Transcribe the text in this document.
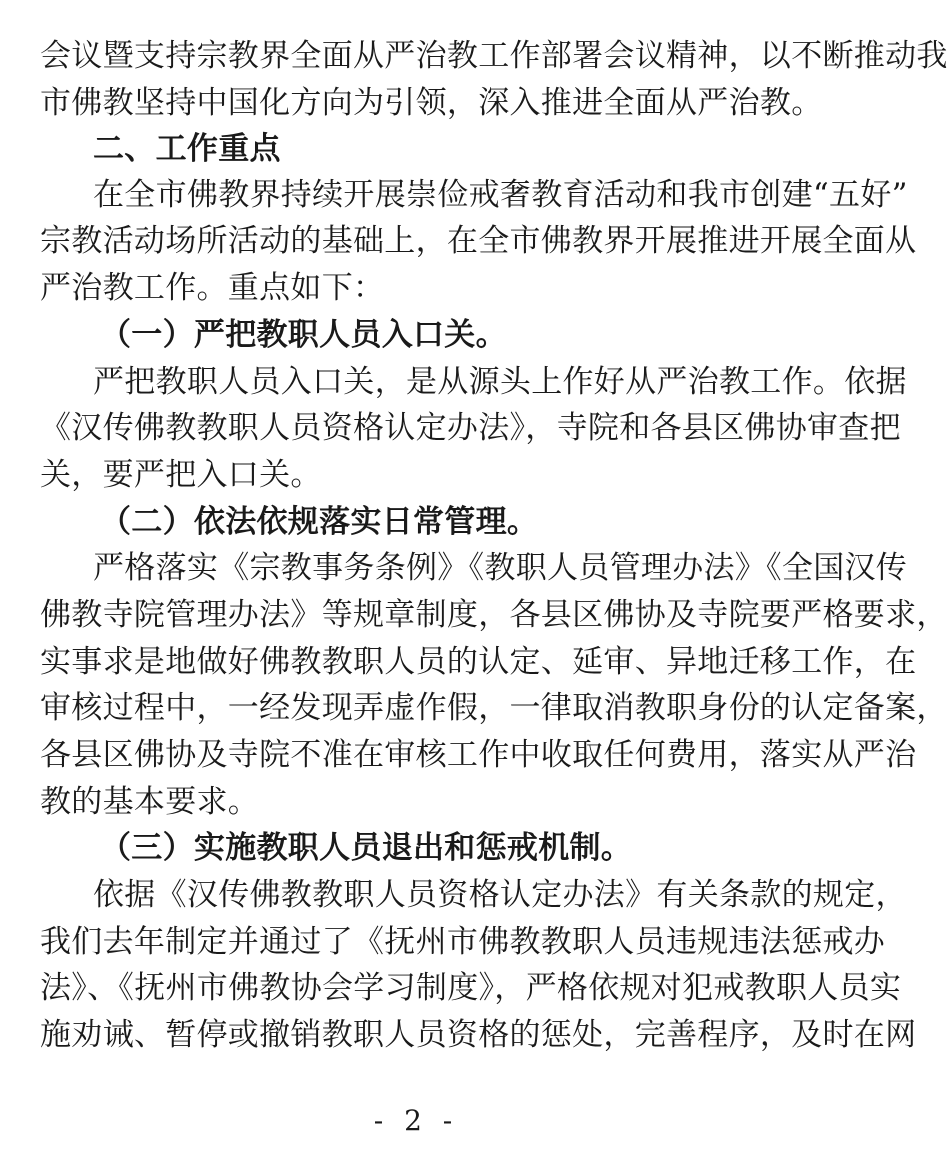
会议暨支持宗教界全面从严治教工作部署会议精神，以不断推动我
市佛教坚持中国化方向为引领，深入推进全面从严治教。
二、工作重点
在全市佛教界持续开展崇俭戒奢教育活动和我市创建“五好”
宗教活动场所活动的基础上，在全市佛教界开展推进开展全面从
严治教工作。重点如下：
（一）严把教职人员入口关。
严把教职人员入口关，是从源头上作好从严治教工作。依据
《汉传佛教教职人员资格认定办法》，寺院和各县区佛协审查把
关，要严把入口关。
（二）依法依规落实日常管理。
严格落实《宗教事务条例》《教职人员管理办法》《全国汉传
佛教寺院管理办法》等规章制度，各县区佛协及寺院要严格要求，
实事求是地做好佛教教职人员的认定、延审、异地迁移工作，在
审核过程中，一经发现弄虚作假，一律取消教职身份的认定备案，
各县区佛协及寺院不准在审核工作中收取任何费用，落实从严治
教的基本要求。
（三）实施教职人员退出和惩戒机制。
依据《汉传佛教教职人员资格认定办法》有关条款的规定，
我们去年制定并通过了《抚州市佛教教职人员违规违法惩戒办
法》、《抚州市佛教协会学习制度》，严格依规对犯戒教职人员实
施劝诫、暂停或撤销教职人员资格的惩处，完善程序，及时在网
- 2 -
